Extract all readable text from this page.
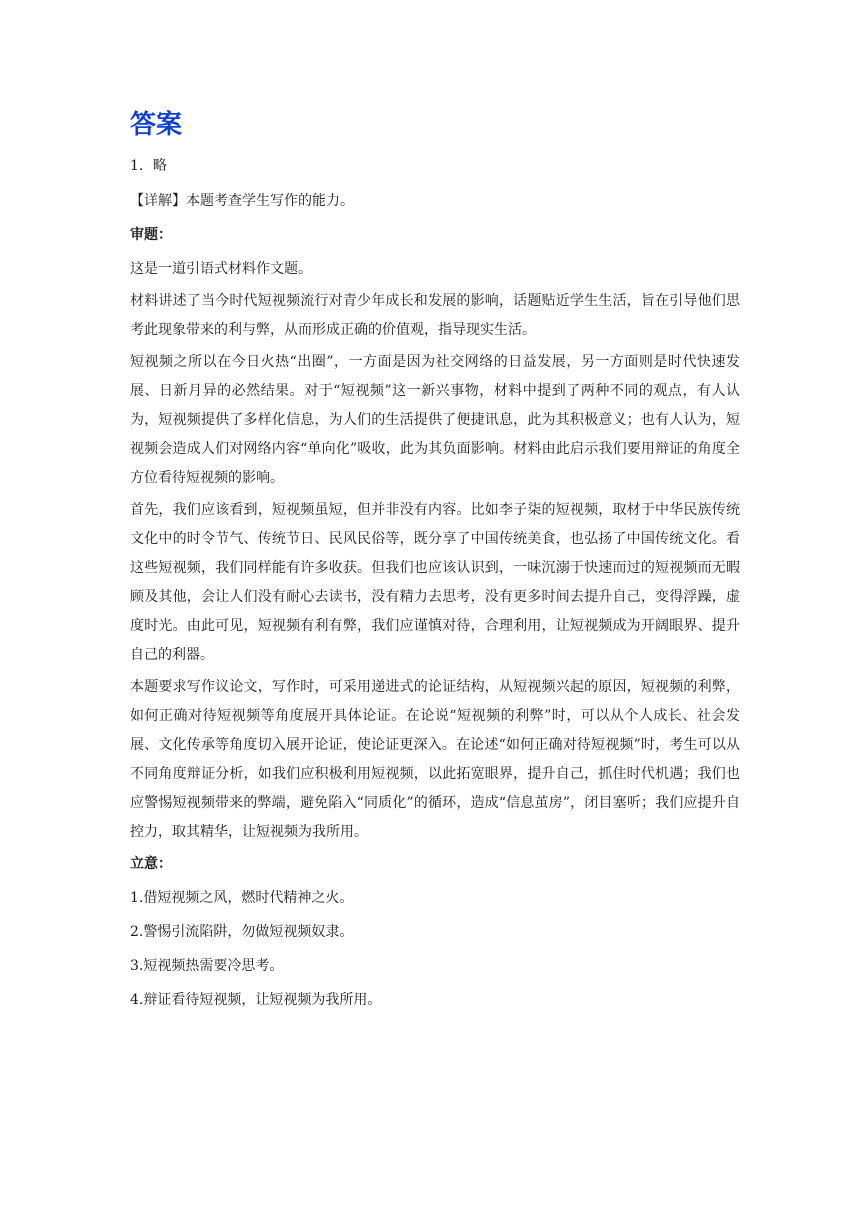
答案
1．略
【详解】本题考查学生写作的能力。
审题：
这是一道引语式材料作文题。
材料讲述了当今时代短视频流行对青少年成长和发展的影响，话题贴近学生生活，旨在引导他们思考此现象带来的利与弊，从而形成正确的价值观，指导现实生活。
短视频之所以在今日火热“出圈”，一方面是因为社交网络的日益发展，另一方面则是时代快速发展、日新月异的必然结果。对于“短视频”这一新兴事物，材料中提到了两种不同的观点，有人认为，短视频提供了多样化信息，为人们的生活提供了便捷讯息，此为其积极意义；也有人认为，短视频会造成人们对网络内容“单向化”吸收，此为其负面影响。材料由此启示我们要用辩证的角度全方位看待短视频的影响。
首先，我们应该看到，短视频虽短，但并非没有内容。比如李子柒的短视频，取材于中华民族传统文化中的时令节气、传统节日、民风民俗等，既分享了中国传统美食，也弘扬了中国传统文化。看这些短视频，我们同样能有许多收获。但我们也应该认识到，一味沉溺于快速而过的短视频而无暇顾及其他，会让人们没有耐心去读书，没有精力去思考，没有更多时间去提升自己，变得浮躁，虚度时光。由此可见，短视频有利有弊，我们应谨慎对待，合理利用，让短视频成为开阔眼界、提升自己的利器。
本题要求写作议论文，写作时，可采用递进式的论证结构，从短视频兴起的原因，短视频的利弊，如何正确对待短视频等角度展开具体论证。在论说“短视频的利弊”时，可以从个人成长、社会发展、文化传承等角度切入展开论证，使论证更深入。在论述“如何正确对待短视频”时，考生可以从不同角度辩证分析，如我们应积极利用短视频，以此拓宽眼界，提升自己，抓住时代机遇；我们也应警惕短视频带来的弊端，避免陷入“同质化”的循环，造成“信息茧房”，闭目塞听；我们应提升自控力，取其精华，让短视频为我所用。
立意：
1.借短视频之风，燃时代精神之火。
2.警惕引流陷阱，勿做短视频奴隶。
3.短视频热需要冷思考。
4.辩证看待短视频，让短视频为我所用。
